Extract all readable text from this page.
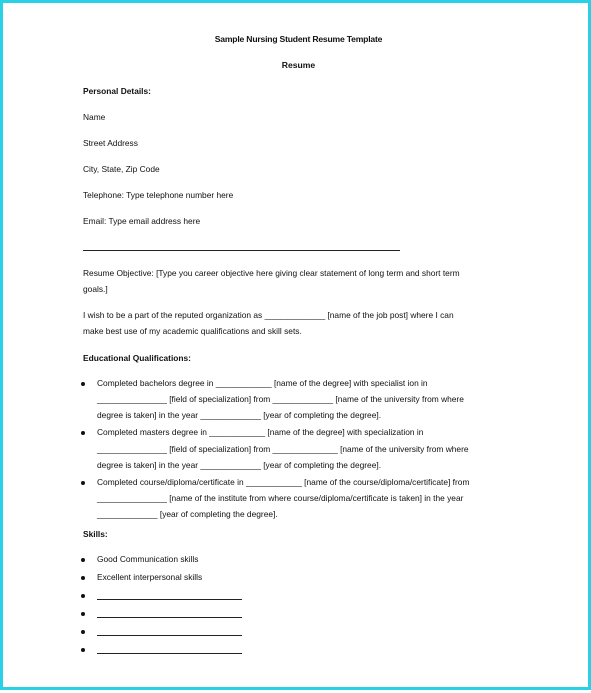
Sample Nursing Student Resume Template
Resume
Personal Details:
Name
Street Address
City, State, Zip Code
Telephone: Type telephone number here
Email: Type email address here
Resume Objective: [Type you career objective here giving clear statement of long term and short term
goals.]
I wish to be a part of the reputed organization as _____________ [name of the job post] where I can
make best use of my academic qualifications and skill sets.
Educational Qualifications:
Completed bachelors degree in ____________ [name of the degree] with specialist ion in
_______________ [field of specialization] from _____________ [name of the university from where
degree is taken] in the year _____________ [year of completing the degree].
Completed masters degree in ____________ [name of the degree] with specialization in
_______________ [field of specialization] from ______________ [name of the university from where
degree is taken] in the year _____________ [year of completing the degree].
Completed course/diploma/certificate in ____________ [name of the course/diploma/certificate] from
_______________ [name of the institute from where course/diploma/certificate is taken] in the year
_____________ [year of completing the degree].
Skills:
Good Communication skills
Excellent interpersonal skills
